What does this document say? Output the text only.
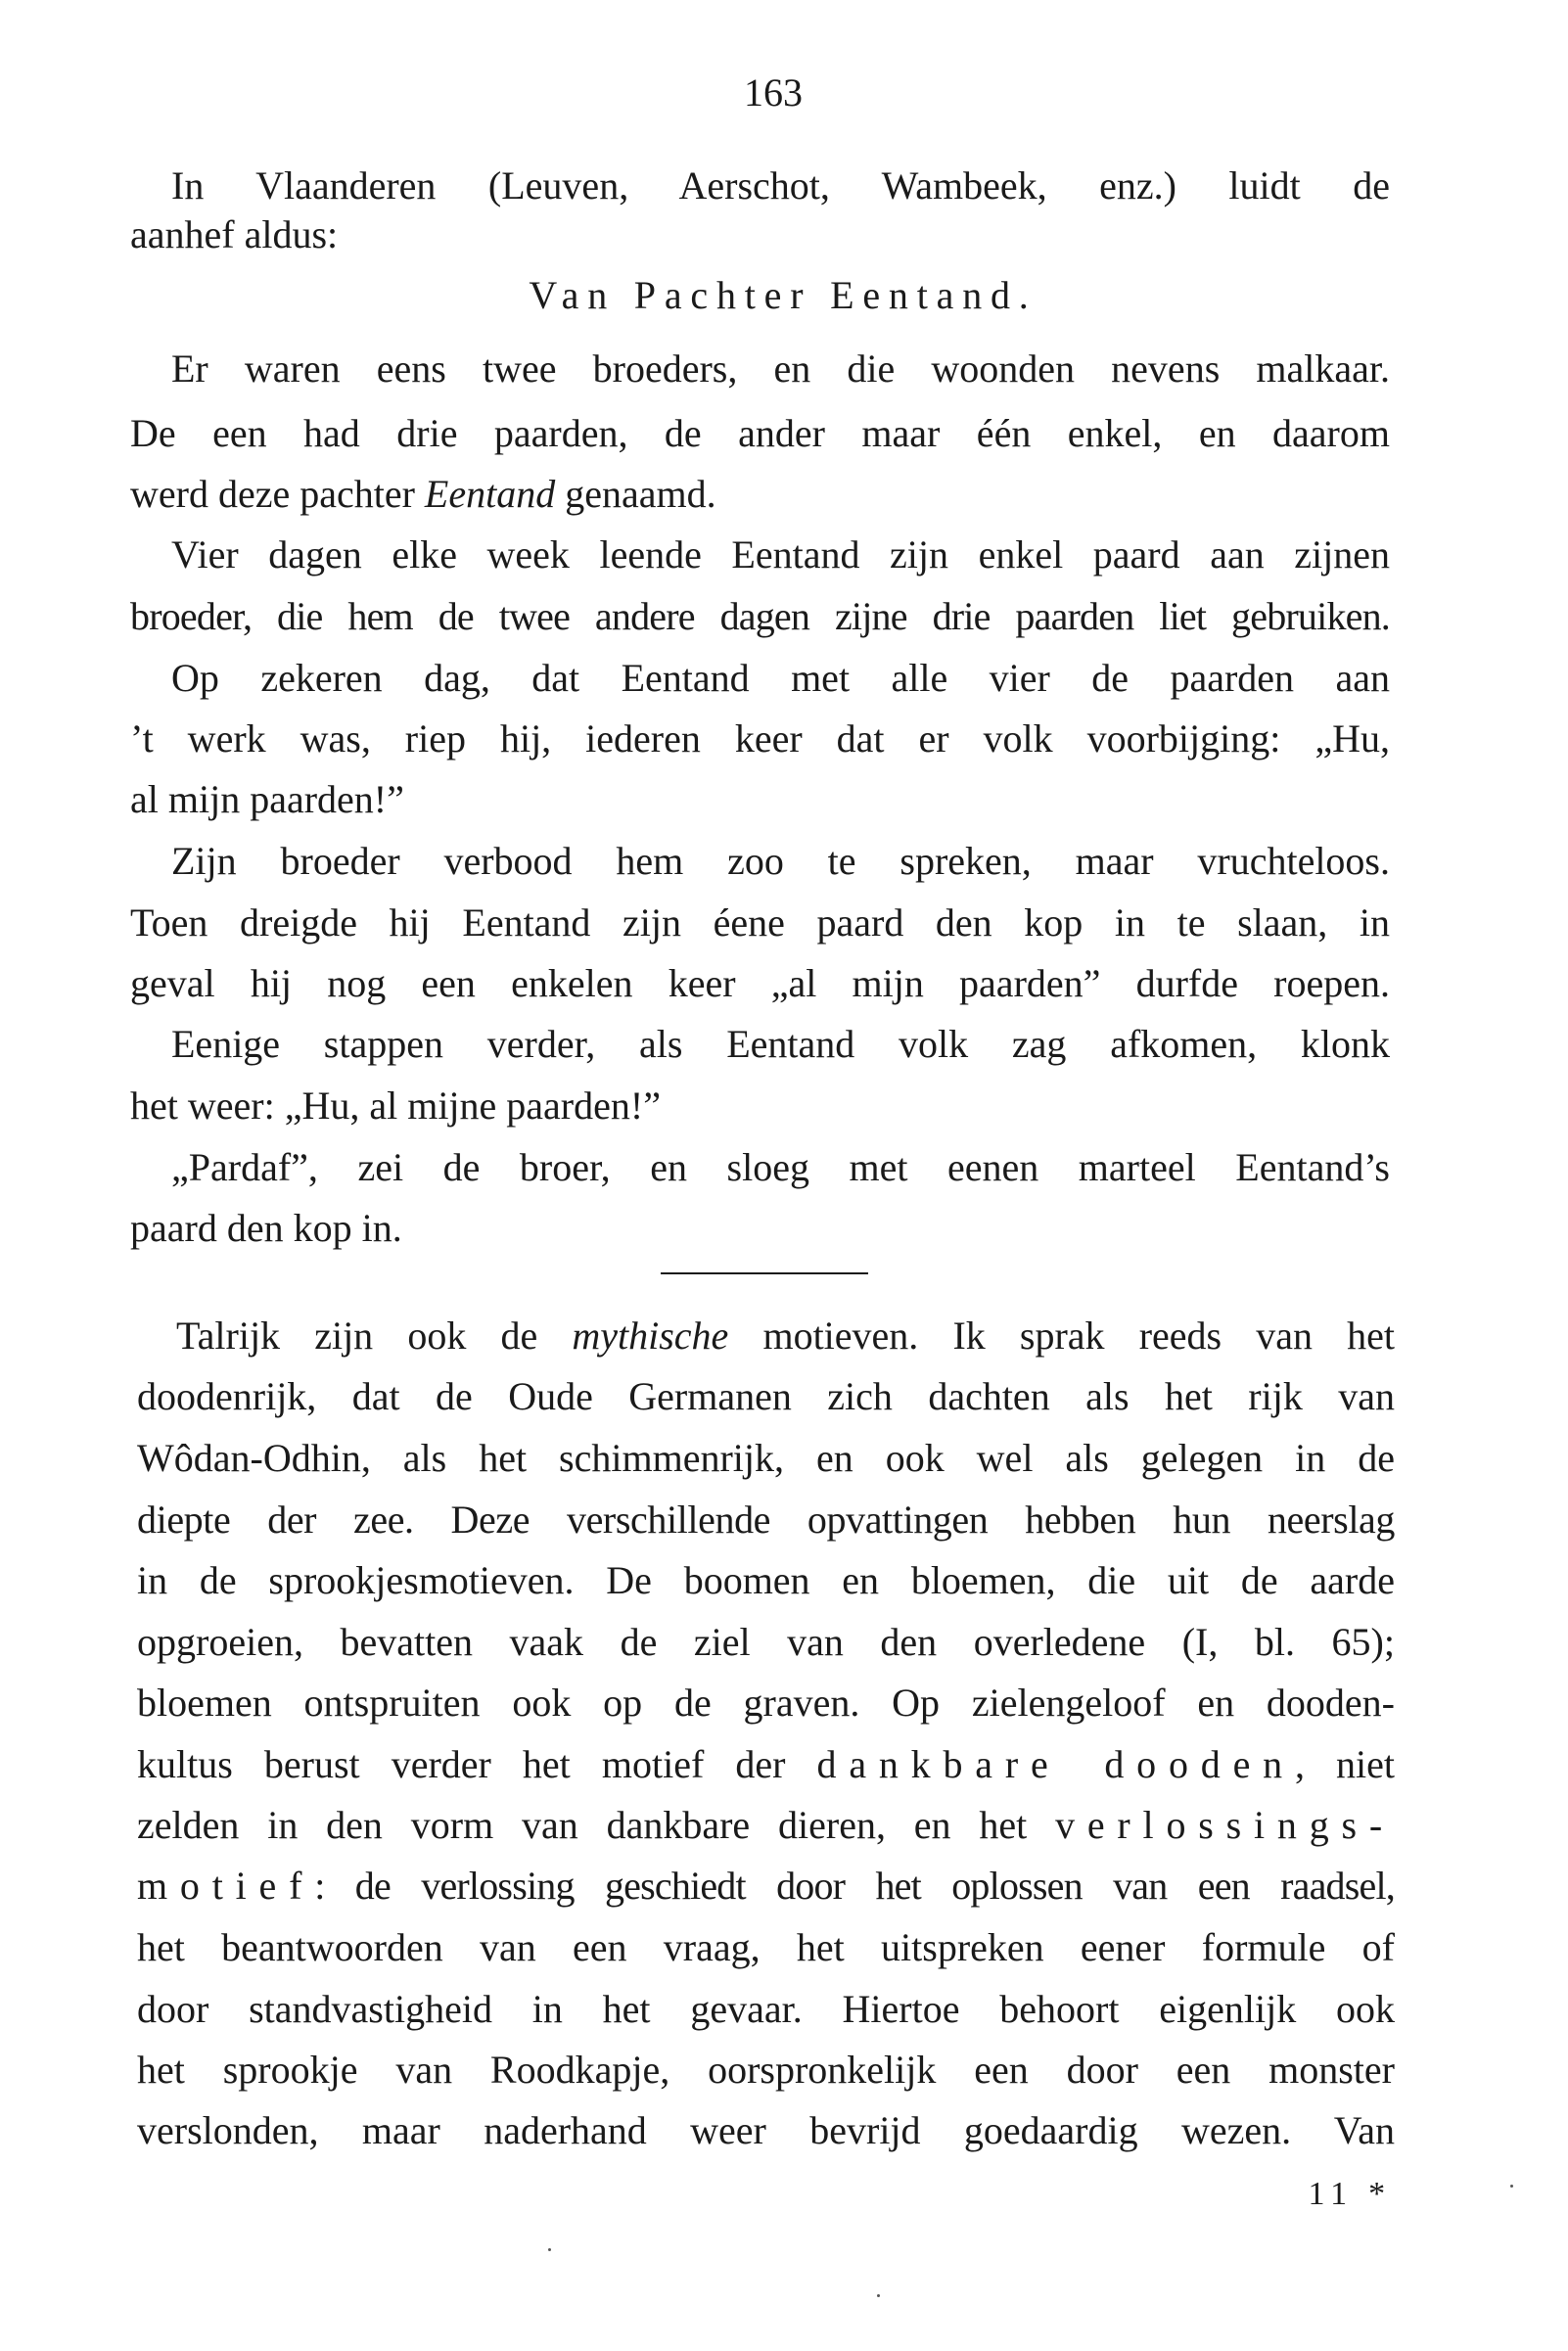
163

In Vlaanderen (Leuven, Aerschot, Wambeek, enz.) luidt de

aanhef aldus:

Van Pachter Eentand.

Er waren eens twee broeders, en die woonden nevens malkaar.

De een had drie paarden, de ander maar één enkel, en daarom

werd deze pachter Eentand genaamd.

Vier dagen elke week leende Eentand zijn enkel paard aan zijnen

broeder, die hem de twee andere dagen zijne drie paarden liet gebruiken.

Op zekeren dag, dat Eentand met alle vier de paarden aan

’t werk was, riep hij, iederen keer dat er volk voorbijging: „Hu,

al mijn paarden!”

Zijn broeder verbood hem zoo te spreken, maar vruchteloos.

Toen dreigde hij Eentand zijn éene paard den kop in te slaan, in

geval hij nog een enkelen keer „al mijn paarden” durfde roepen.

Eenige stappen verder, als Eentand volk zag afkomen, klonk

het weer: „Hu, al mijne paarden!”

„Pardaf”, zei de broer, en sloeg met eenen marteel Eentand’s

paard den kop in.

Talrijk zijn ook de mythische motieven. Ik sprak reeds van het

doodenrijk, dat de Oude Germanen zich dachten als het rijk van

Wôdan-Odhin, als het schimmenrijk, en ook wel als gelegen in de

diepte der zee. Deze verschillende opvattingen hebben hun neerslag

in de sprookjesmotieven. De boomen en bloemen, die uit de aarde

opgroeien, bevatten vaak de ziel van den overledene (I, bl. 65);

bloemen ontspruiten ook op de graven. Op zielengeloof en dooden-

kultus berust verder het motief der dankbare dooden, niet

zelden in den vorm van dankbare dieren, en het verlossings-

motief: de verlossing geschiedt door het oplossen van een raadsel,

het beantwoorden van een vraag, het uitspreken eener formule of

door standvastigheid in het gevaar. Hiertoe behoort eigenlijk ook

het sprookje van Roodkapje, oorspronkelijk een door een monster

verslonden, maar naderhand weer bevrijd goedaardig wezen. Van

11 *
